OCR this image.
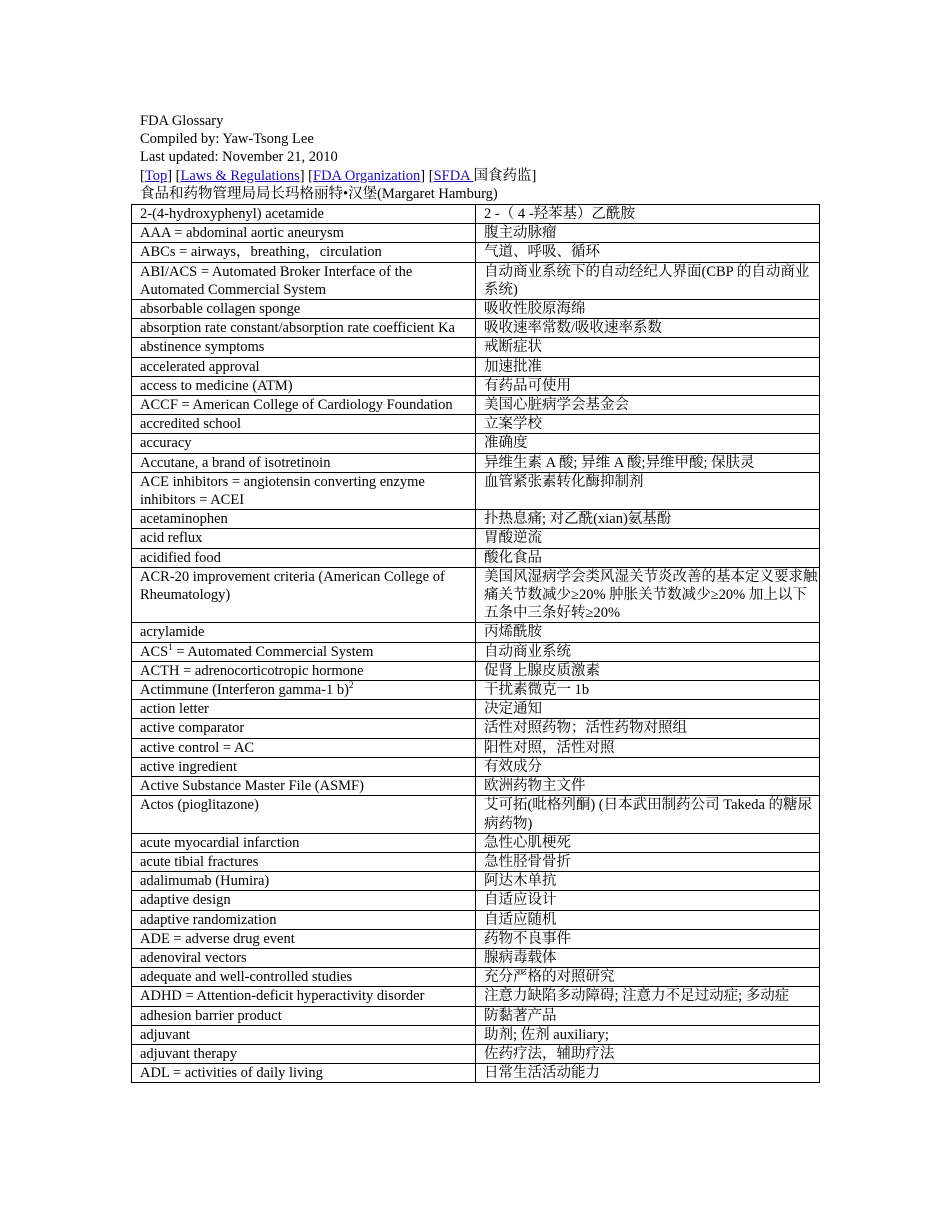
FDA Glossary
Compiled by: Yaw-Tsong Lee
Last updated: November 21, 2010
[Top] [Laws & Regulations] [FDA Organization] [SFDA 国食药监]
食品和药物管理局局长玛格丽特•汉堡(Margaret Hamburg)
2-(4-hydroxyphenyl) acetamide	2 -（ 4 -羟苯基）乙酰胺
AAA = abdominal aortic aneurysm	腹主动脉瘤
ABCs = airways，breathing，circulation	气道、呼吸、循环
ABI/ACS = Automated Broker Interface of the Automated Commercial System	自动商业系统下的自动经纪人界面(CBP 的自动商业系统)
absorbable collagen sponge	吸收性胶原海绵
absorption rate constant/absorption rate coefficient Ka	吸收速率常数/吸收速率系数
abstinence symptoms	戒断症状
accelerated approval	加速批准
access to medicine (ATM)	有药品可使用
ACCF = American College of Cardiology Foundation	美国心脏病学会基金会
accredited school	立案学校
accuracy	准确度
Accutane, a brand of isotretinoin	异维生素 A 酸; 异维 A 酸;异维甲酸; 保肤灵
ACE inhibitors = angiotensin converting enzyme inhibitors = ACEI	血管紧张素转化酶抑制剂
acetaminophen	扑热息痛; 对乙酰(xian)氨基酚
acid reflux	胃酸逆流
acidified food	酸化食品
ACR-20 improvement criteria (American College of Rheumatology)	美国风湿病学会类风湿关节炎改善的基本定义要求触痛关节数减少≥20% 肿胀关节数减少≥20% 加上以下五条中三条好转≥20%
acrylamide	丙烯酰胺
$ACS^1$ = Automated Commercial System	自动商业系统
ACTH = adrenocorticotropic hormone	促肾上腺皮质激素
Actimmune (Interferon gamma-1 b)$^2$	干扰素微克一 1b
action letter	决定通知
active comparator	活性对照药物；活性药物对照组
active control = AC	阳性对照，活性对照
active ingredient	有效成分
Active Substance Master File (ASMF)	欧洲药物主文件
Actos (pioglitazone)	艾可拓(吡格列酮) (日本武田制药公司 Takeda 的糖尿病药物)
acute myocardial infarction	急性心肌梗死
acute tibial fractures	急性胫骨骨折
adalimumab (Humira)	阿达木单抗
adaptive design	自适应设计
adaptive randomization	自适应随机
ADE = adverse drug event	药物不良事件
adenoviral vectors	腺病毒载体
adequate and well-controlled studies	充分严格的对照研究
ADHD = Attention-deficit hyperactivity disorder	注意力缺陷多动障碍; 注意力不足过动症; 多动症
adhesion barrier product	防黏著产品
adjuvant	助剂; 佐剂 auxiliary;
adjuvant therapy	佐药疗法，辅助疗法
ADL = activities of daily living	日常生活活动能力
